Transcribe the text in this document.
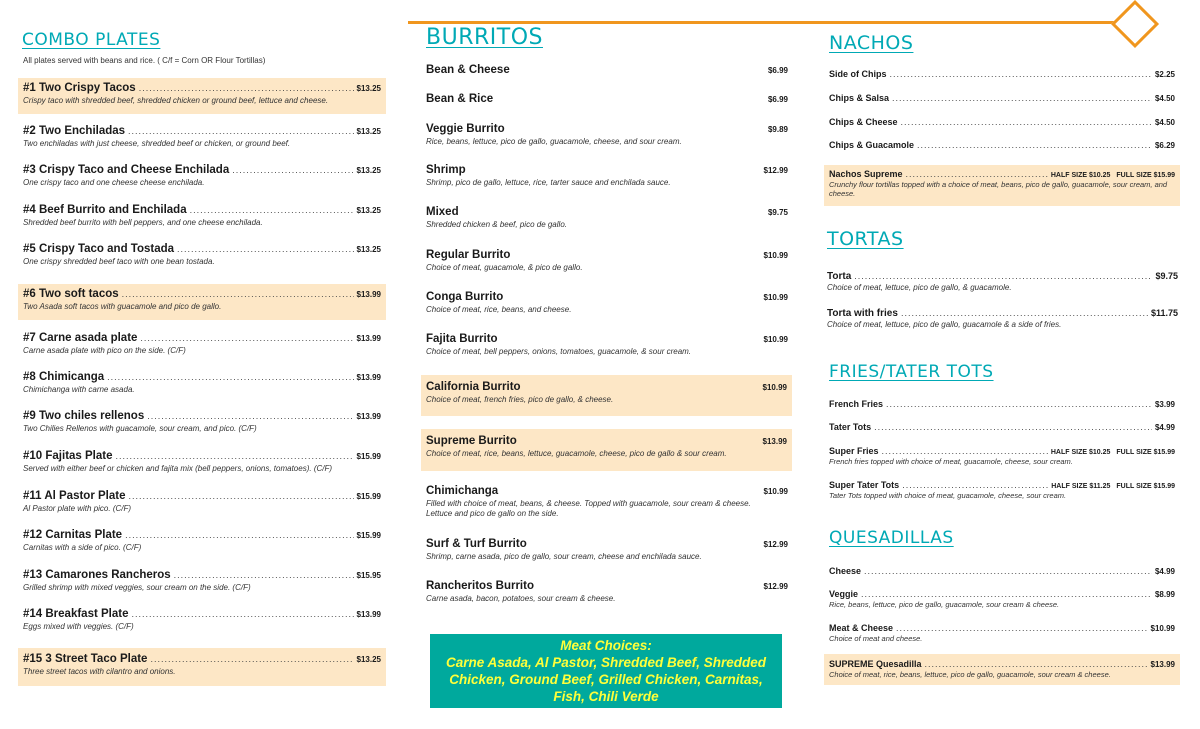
COMBO PLATES
All plates served with beans and rice. ( C/f = Corn OR Flour Tortillas)
#1 Two Crispy Tacos .....	$13.25
Crispy taco with shredded beef, shredded chicken or ground beef, lettuce and cheese.
#2 Two Enchiladas .....	$13.25
Two enchiladas with just cheese, shredded beef or chicken, or ground beef.
#3 Crispy Taco and Cheese Enchilada .....	$13.25
One crispy taco and one cheese cheese enchilada.
#4 Beef Burrito and Enchilada .....	$13.25
Shredded beef burrito with bell peppers, and one cheese enchilada.
#5 Crispy Taco and Tostada .....	$13.25
One crispy shredded beef taco with one bean tostada.
#6 Two soft tacos .....	$13.99
Two Asada soft tacos with guacamole and pico de gallo.
#7 Carne asada plate .....	$13.99
Carne asada plate with pico on the side. (C/F)
#8 Chimicanga .....	$13.99
Chimichanga with carne asada.
#9 Two chiles rellenos .....	$13.99
Two Chilies Rellenos with guacamole, sour cream, and pico. (C/F)
#10 Fajitas Plate .....	$15.99
Served with either beef or chicken and fajita mix (bell peppers, onions, tomatoes). (C/F)
#11 Al Pastor Plate .....	$15.99
Al Pastor plate with pico. (C/F)
#12 Carnitas Plate .....	$15.99
Carnitas with a side of pico. (C/F)
#13 Camarones Rancheros .....	$15.95
Grilled shrimp with mixed veggies, sour cream on the side. (C/F)
#14 Breakfast Plate .....	$13.99
Eggs mixed with veggies. (C/F)
#15 3 Street Taco Plate .....	$13.25
Three street tacos with cilantro and onions.
BURRITOS
Bean & Cheese	$6.99
Bean & Rice	$6.99
Veggie Burrito	$9.89
Rice, beans, lettuce, pico de gallo, guacamole, cheese, and sour cream.
Shrimp	$12.99
Shrimp, pico de gallo, lettuce, rice, tarter sauce and enchilada sauce.
Mixed	$9.75
Shredded chicken & beef, pico de gallo.
Regular Burrito	$10.99
Choice of meat, guacamole, & pico de gallo.
Conga Burrito	$10.99
Choice of meat, rice, beans, and cheese.
Fajita Burrito	$10.99
Choice of meat, bell peppers, onions, tomatoes, guacamole, & sour cream.
California Burrito	$10.99
Choice of meat, french fries, pico de gallo, & cheese.
Supreme Burrito	$13.99
Choice of meat, rice, beans, lettuce, guacamole, cheese, pico de gallo & sour cream.
Chimichanga	$10.99
Filled with choice of meat, beans, & cheese. Topped with guacamole, sour cream & cheese. Lettuce and pico de gallo on the side.
Surf & Turf Burrito	$12.99
Shrimp, carne asada, pico de gallo, sour cream, cheese and enchilada sauce.
Rancheritos Burrito	$12.99
Carne asada, bacon, potatoes, sour cream & cheese.
Meat Choices:
Carne Asada, Al Pastor, Shredded Beef, Shredded
Chicken, Ground Beef, Grilled Chicken, Carnitas,
Fish, Chili Verde
NACHOS
Side of Chips .....	$2.25
Chips & Salsa .....	$4.50
Chips & Cheese .....	$4.50
Chips & Guacamole .....	$6.29
Nachos Supreme .....	HALF SIZE $10.25 FULL SIZE $15.99
Crunchy flour tortillas topped with a choice of meat, beans, pico de gallo, guacamole, sour cream, and cheese.
TORTAS
Torta .....	$9.75
Choice of meat, lettuce, pico de gallo, & guacamole.
Torta with fries .....	$11.75
Choice of meat, lettuce, pico de gallo, guacamole & a side of fries.
FRIES/TATER TOTS
French Fries .....	$3.99
Tater Tots .....	$4.99
Super Fries .....	HALF SIZE $10.25 FULL SIZE $15.99
French fries topped with choice of meat, guacamole, cheese, sour cream.
Super Tater Tots .....	HALF SIZE $11.25 FULL SIZE $15.99
Tater Tots topped with choice of meat, guacamole, cheese, sour cream.
QUESADILLAS
Cheese .....	$4.99
Veggie .....	$8.99
Rice, beans, lettuce, pico de gallo, guacamole, sour cream & cheese.
Meat & Cheese .....	$10.99
Choice of meat and cheese.
SUPREME Quesadilla .....	$13.99
Choice of meat, rice, beans, lettuce, pico de gallo, guacamole, sour cream & cheese.
